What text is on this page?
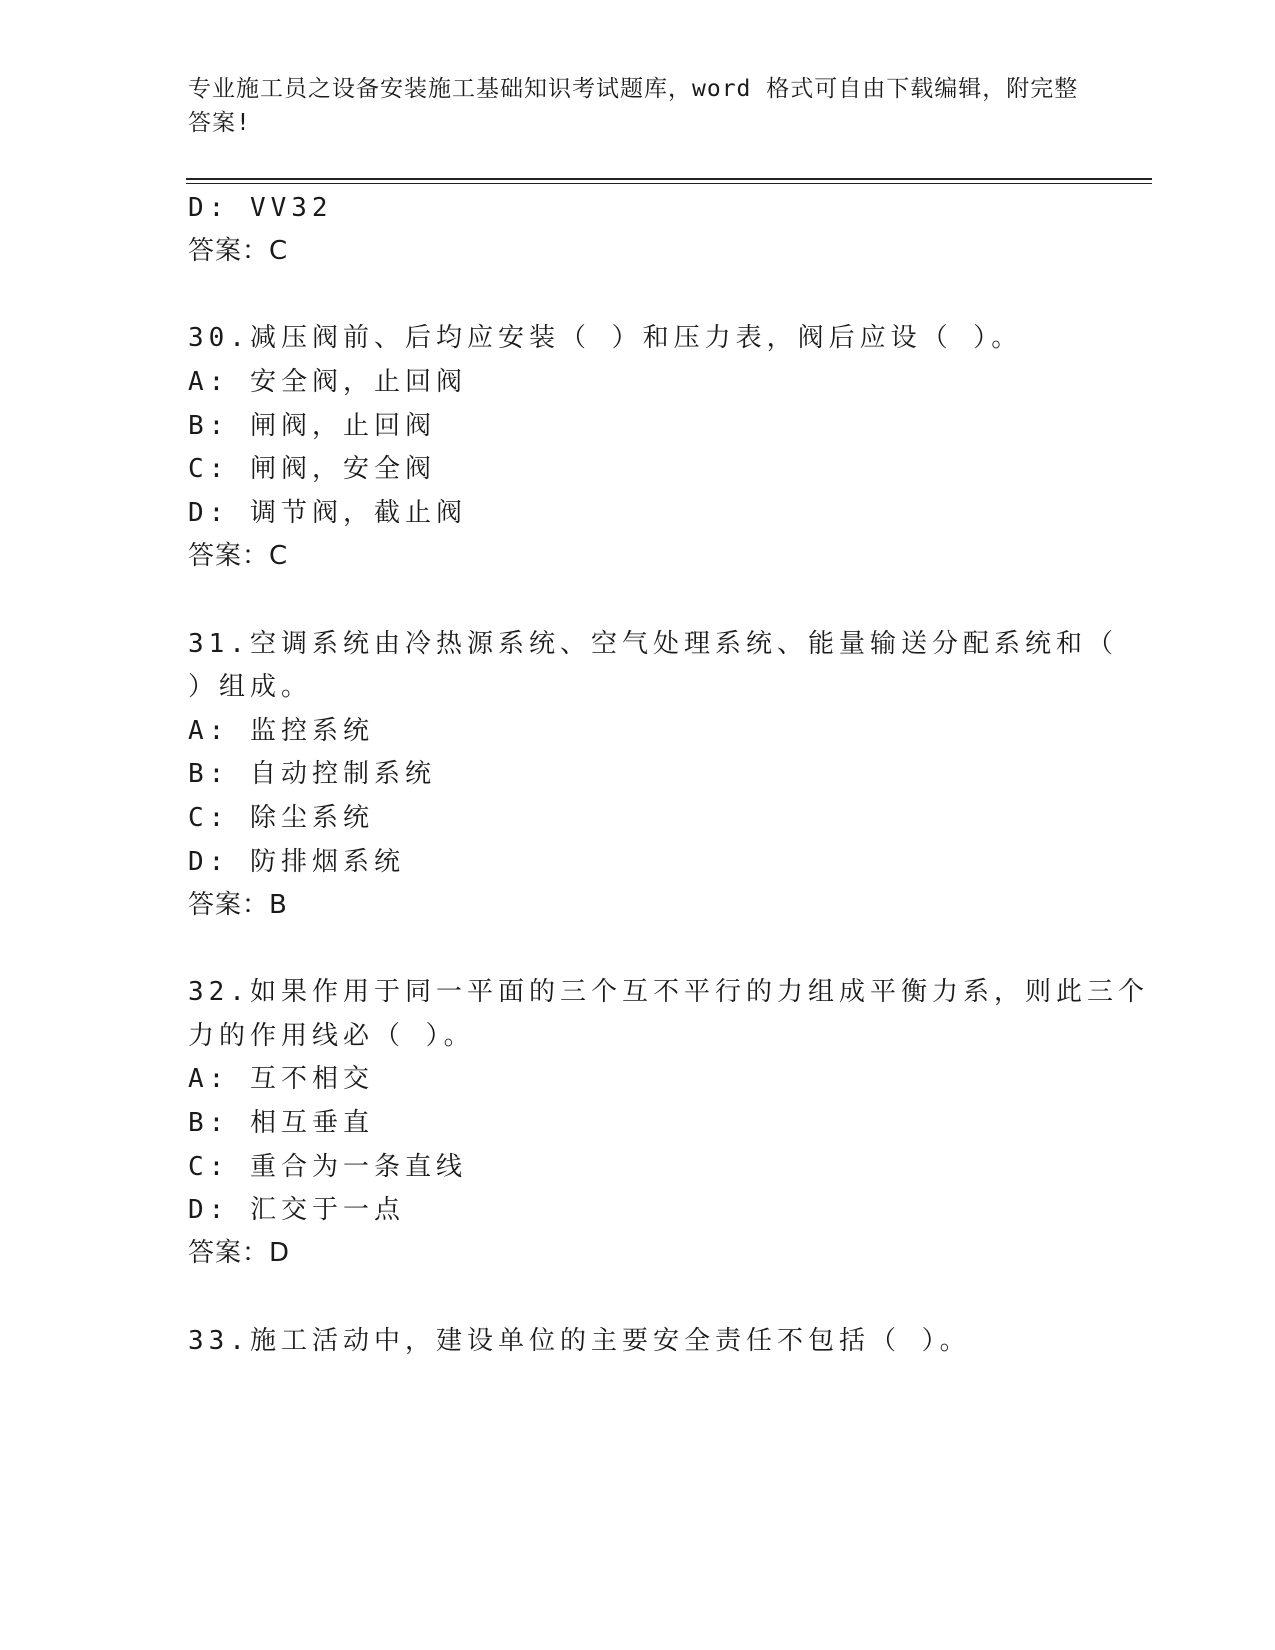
专业施工员之设备安装施工基础知识考试题库，word 格式可自由下载编辑，附完整答案!
D: VV32
答案：C
30.减压阀前、后均应安装（ ）和压力表，阀后应设（ ）。
A: 安全阀，止回阀
B: 闸阀，止回阀
C: 闸阀，安全阀
D: 调节阀，截止阀
答案：C
31.空调系统由冷热源系统、空气处理系统、能量输送分配系统和（
）组成。
A: 监控系统
B: 自动控制系统
C: 除尘系统
D: 防排烟系统
答案：B
32.如果作用于同一平面的三个互不平行的力组成平衡力系，则此三个
力的作用线必（ ）。
A: 互不相交
B: 相互垂直
C: 重合为一条直线
D: 汇交于一点
答案：D
33.施工活动中，建设单位的主要安全责任不包括（ ）。
